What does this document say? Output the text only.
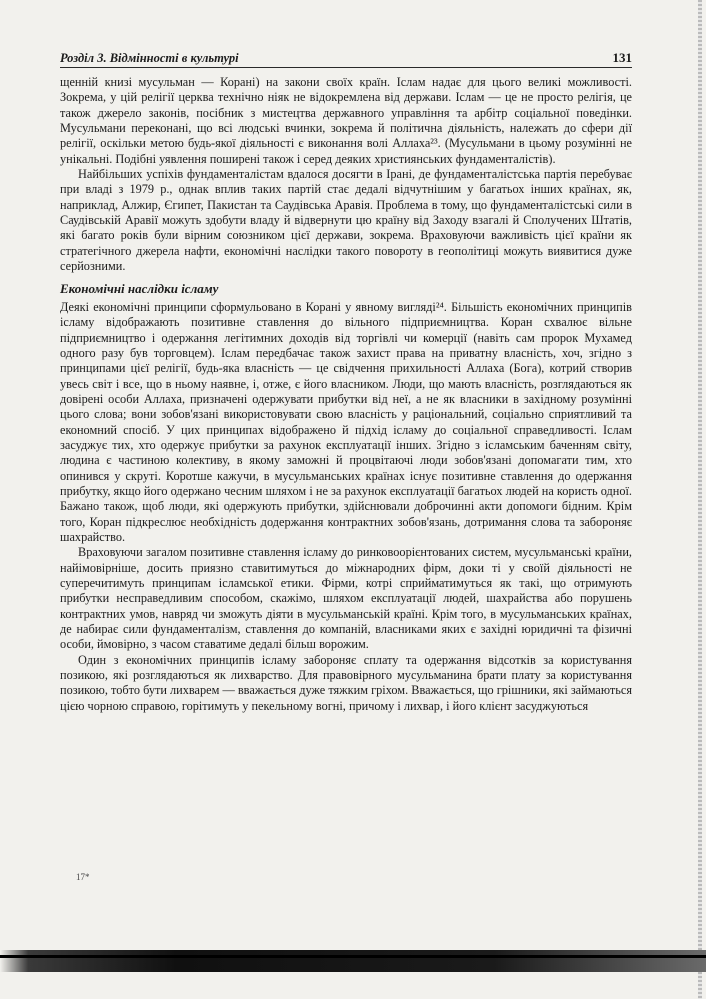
Розділ 3. Відмінності в культурі	131

щенній книзі мусульман — Корані) на закони своїх країн. Іслам надає для цього великі можливості. Зокрема, у цій релігії церква технічно ніяк не відокремлена від держави. Іслам — це не просто релігія, це також джерело законів, посібник з мистецтва державного управління та арбітр соціальної поведінки. Мусульмани переконані, що всі людські вчинки, зокрема й політична діяльність, належать до сфери дії релігії, оскільки метою будь-якої діяльності є виконання волі Аллаха²³. (Мусульмани в цьому розумінні не унікальні. Подібні уявлення поширені також і серед деяких християнських фундаменталістів).

Найбільших успіхів фундаменталістам вдалося досягти в Ірані, де фундаменталістська партія перебуває при владі з 1979 р., однак вплив таких партій стає дедалі відчутнішим у багатьох інших країнах, як, наприклад, Алжир, Єгипет, Пакистан та Саудівська Аравія. Проблема в тому, що фундаменталістські сили в Саудівській Аравії можуть здобути владу й відвернути цю країну від Заходу взагалі й Сполучених Штатів, які багато років були вірним союзником цієї держави, зокрема. Враховуючи важливість цієї країни як стратегічного джерела нафти, економічні наслідки такого повороту в геополітиці можуть виявитися дуже серйозними.

Економічні наслідки ісламу

Деякі економічні принципи сформульовано в Корані у явному вигляді²⁴. Більшість економічних принципів ісламу відображають позитивне ставлення до вільного підприємництва. Коран схвалює вільне підприємництво і одержання легітимних доходів від торгівлі чи комерції (навіть сам пророк Мухамед одного разу був торговцем). Іслам передбачає також захист права на приватну власність, хоч, згідно з принципами цієї релігії, будь-яка власність — це свідчення прихильності Аллаха (Бога), котрий створив увесь світ і все, що в ньому наявне, і, отже, є його власником. Люди, що мають власність, розглядаються як довірені особи Аллаха, призначені одержувати прибутки від неї, а не як власники в західному розумінні цього слова; вони зобов'язані використовувати свою власність у раціональний, соціально сприятливий та економний спосіб. У цих принципах відображено й підхід ісламу до соціальної справедливості. Іслам засуджує тих, хто одержує прибутки за рахунок експлуатації інших. Згідно з ісламським баченням світу, людина є частиною колективу, в якому заможні й процвітаючі люди зобов'язані допомагати тим, хто опинився у скруті. Коротше кажучи, в мусульманських країнах існує позитивне ставлення до одержання прибутку, якщо його одержано чесним шляхом і не за рахунок експлуатації багатьох людей на користь одної. Бажано також, щоб люди, які одержують прибутки, здійснювали доброчинні акти допомоги бідним. Крім того, Коран підкреслює необхідність додержання контрактних зобов'язань, дотримання слова та забороняє шахрайство.

Враховуючи загалом позитивне ставлення ісламу до ринковоорієнтованих систем, мусульманські країни, найімовірніше, досить приязно ставитимуться до міжнародних фірм, доки ті у своїй діяльності не суперечитимуть принципам ісламської етики. Фірми, котрі сприйматимуться як такі, що отримують прибутки несправедливим способом, скажімо, шляхом експлуатації людей, шахрайства або порушень контрактних умов, навряд чи зможуть діяти в мусульманській країні. Крім того, в мусульманських країнах, де набирає сили фундаменталізм, ставлення до компаній, власниками яких є західні юридичні та фізичні особи, ймовірно, з часом ставатиме дедалі більш ворожим.

Один з економічних принципів ісламу забороняє сплату та одержання відсотків за користування позикою, які розглядаються як лихварство. Для правовірного мусульманина брати плату за користування позикою, тобто бути лихварем — вважається дуже тяжким гріхом. Вважається, що грішники, які займаються цією чорною справою, горітимуть у пекельному вогні, причому і лихвар, і його клієнт засуджуються

17*
